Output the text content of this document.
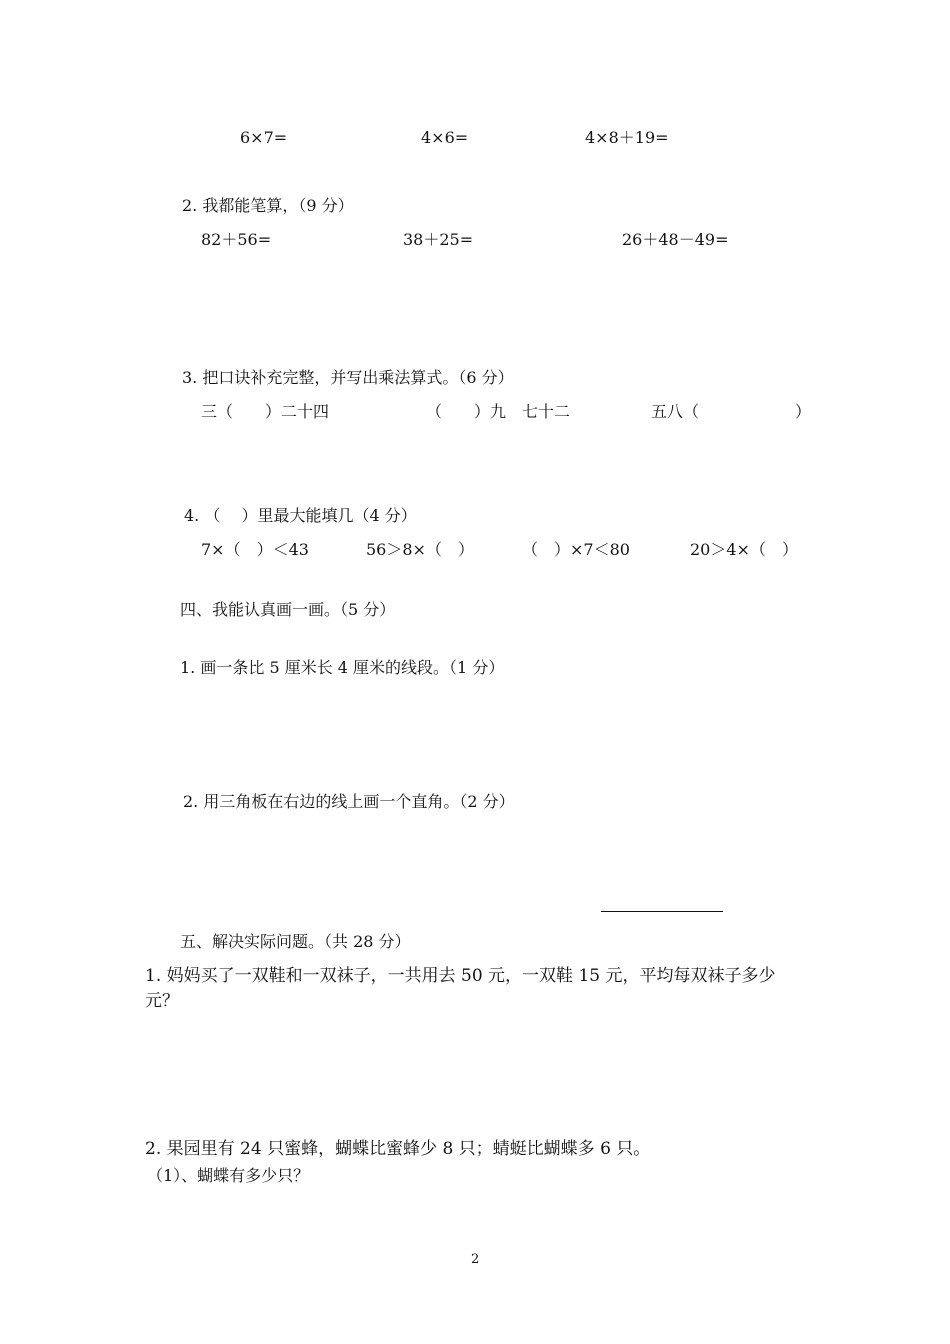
6×7=	4×6=	4×8＋19=
2. 我都能笔算，（9 分）
82＋56=	38＋25=	26＋48－49=
3. 把口诀补充完整，并写出乘法算式。（6 分）
三（　　）二十四	（　　）九　七十二	五八（　　　　　　）
4. （　 ）里最大能填几（4 分）
7×（　）＜43	56＞8×（　）	（　）×7＜80	20＞4×（　）
四、我能认真画一画。（5 分）
1. 画一条比 5 厘米长 4 厘米的线段。（1 分）
2. 用三角板在右边的线上画一个直角。（2 分）
五、解决实际问题。（共 28 分）
1. 妈妈买了一双鞋和一双袜子，一共用去 50 元，一双鞋 15 元，平均每双袜子多少
元？
2. 果园里有 24 只蜜蜂，蝴蝶比蜜蜂少 8 只；蜻蜓比蝴蝶多 6 只。
（1）、蝴蝶有多少只？
2
